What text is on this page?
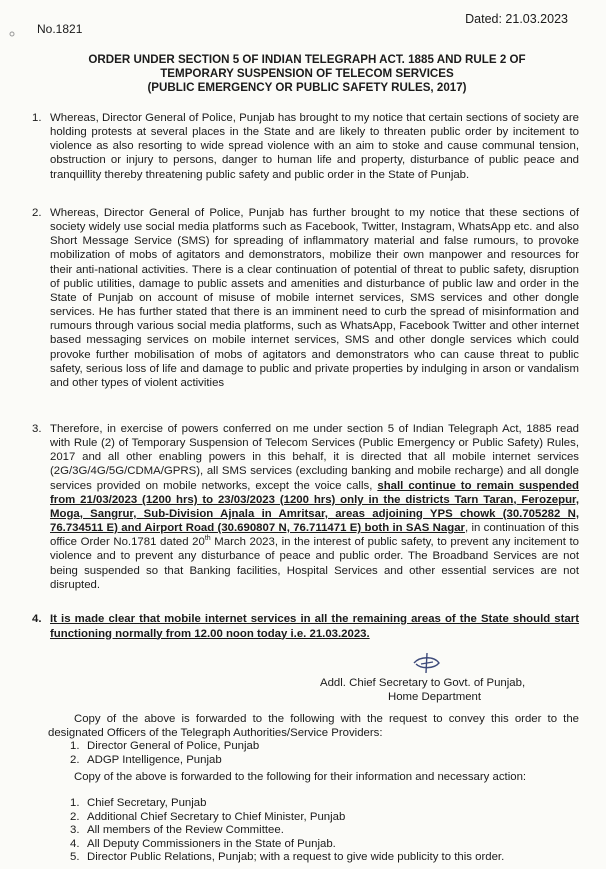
No.1821
Dated: 21.03.2023
ORDER UNDER SECTION 5 OF INDIAN TELEGRAPH ACT. 1885 AND RULE 2 OF
TEMPORARY SUSPENSION OF TELECOM SERVICES
(PUBLIC EMERGENCY OR PUBLIC SAFETY RULES, 2017)
1. Whereas, Director General of Police, Punjab has brought to my notice that certain sections of society are holding protests at several places in the State and are likely to threaten public order by incitement to violence as also resorting to wide spread violence with an aim to stoke and cause communal tension, obstruction or injury to persons, danger to human life and property, disturbance of public peace and tranquillity thereby threatening public safety and public order in the State of Punjab.
2. Whereas, Director General of Police, Punjab has further brought to my notice that these sections of society widely use social media platforms such as Facebook, Twitter, Instagram, WhatsApp etc. and also Short Message Service (SMS) for spreading of inflammatory material and false rumours, to provoke mobilization of mobs of agitators and demonstrators, mobilize their own manpower and resources for their anti-national activities. There is a clear continuation of potential of threat to public safety, disruption of public utilities, damage to public assets and amenities and disturbance of public law and order in the State of Punjab on account of misuse of mobile internet services, SMS services and other dongle services. He has further stated that there is an imminent need to curb the spread of misinformation and rumours through various social media platforms, such as WhatsApp, Facebook Twitter and other internet based messaging services on mobile internet services, SMS and other dongle services which could provoke further mobilisation of mobs of agitators and demonstrators who can cause threat to public safety, serious loss of life and damage to public and private properties by indulging in arson or vandalism and other types of violent activities
3. Therefore, in exercise of powers conferred on me under section 5 of Indian Telegraph Act, 1885 read with Rule (2) of Temporary Suspension of Telecom Services (Public Emergency or Public Safety) Rules, 2017 and all other enabling powers in this behalf, it is directed that all mobile internet services (2G/3G/4G/5G/CDMA/GPRS), all SMS services (excluding banking and mobile recharge) and all dongle services provided on mobile networks, except the voice calls, shall continue to remain suspended from 21/03/2023 (1200 hrs) to 23/03/2023 (1200 hrs) only in the districts Tarn Taran, Ferozepur, Moga, Sangrur, Sub-Division Ajnala in Amritsar, areas adjoining YPS chowk (30.705282 N, 76.734511 E) and Airport Road (30.690807 N, 76.711471 E) both in SAS Nagar, in continuation of this office Order No.1781 dated 20th March 2023, in the interest of public safety, to prevent any incitement to violence and to prevent any disturbance of peace and public order. The Broadband Services are not being suspended so that Banking facilities, Hospital Services and other essential services are not disrupted.
4. It is made clear that mobile internet services in all the remaining areas of the State should start functioning normally from 12.00 noon today i.e. 21.03.2023.
Addl. Chief Secretary to Govt. of Punjab,
Home Department
Copy of the above is forwarded to the following with the request to convey this order to the designated Officers of the Telegraph Authorities/Service Providers:
1. Director General of Police, Punjab
2. ADGP Intelligence, Punjab
Copy of the above is forwarded to the following for their information and necessary action:
1. Chief Secretary, Punjab
2. Additional Chief Secretary to Chief Minister, Punjab
3. All members of the Review Committee.
4. All Deputy Commissioners in the State of Punjab.
5. Director Public Relations, Punjab; with a request to give wide publicity to this order.
